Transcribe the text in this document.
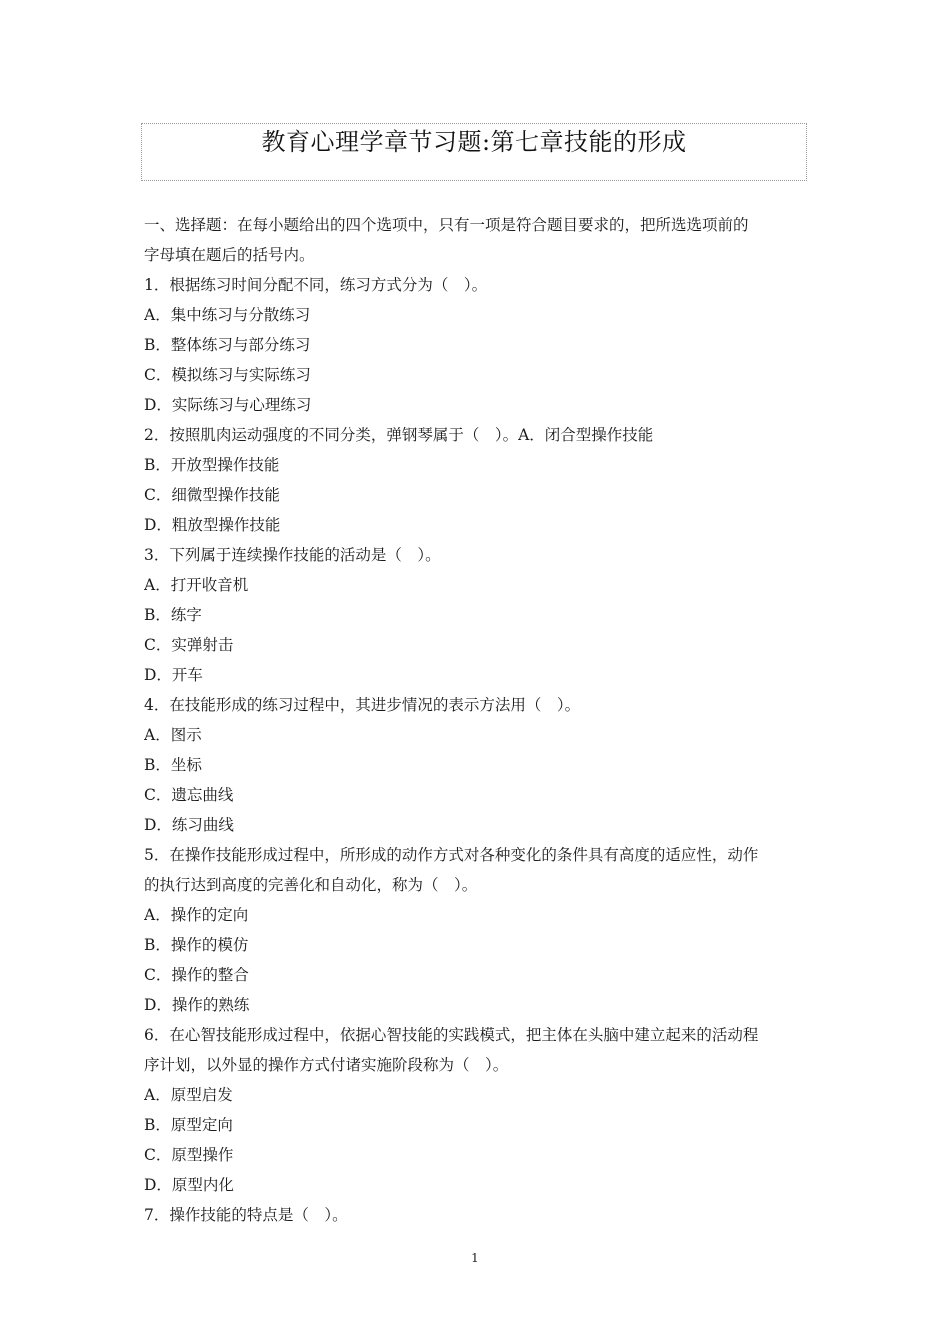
教育心理学章节习题:第七章技能的形成
一、选择题：在每小题给出的四个选项中，只有一项是符合题目要求的，把所选选项前的
字母填在题后的括号内。
1．根据练习时间分配不同，练习方式分为（　）。
A．集中练习与分散练习
B．整体练习与部分练习
C．模拟练习与实际练习
D．实际练习与心理练习
2．按照肌肉运动强度的不同分类，弹钢琴属于（　）。A．闭合型操作技能
B．开放型操作技能
C．细微型操作技能
D．粗放型操作技能
3．下列属于连续操作技能的活动是（　）。
A．打开收音机
B．练字
C．实弹射击
D．开车
4．在技能形成的练习过程中，其进步情况的表示方法用（　）。
A．图示
B．坐标
C．遗忘曲线
D．练习曲线
5．在操作技能形成过程中，所形成的动作方式对各种变化的条件具有高度的适应性，动作
的执行达到高度的完善化和自动化，称为（　）。
A．操作的定向
B．操作的模仿
C．操作的整合
D．操作的熟练
6．在心智技能形成过程中，依据心智技能的实践模式，把主体在头脑中建立起来的活动程
序计划，以外显的操作方式付诸实施阶段称为（　）。
A．原型启发
B．原型定向
C．原型操作
D．原型内化
7．操作技能的特点是（　）。
1
